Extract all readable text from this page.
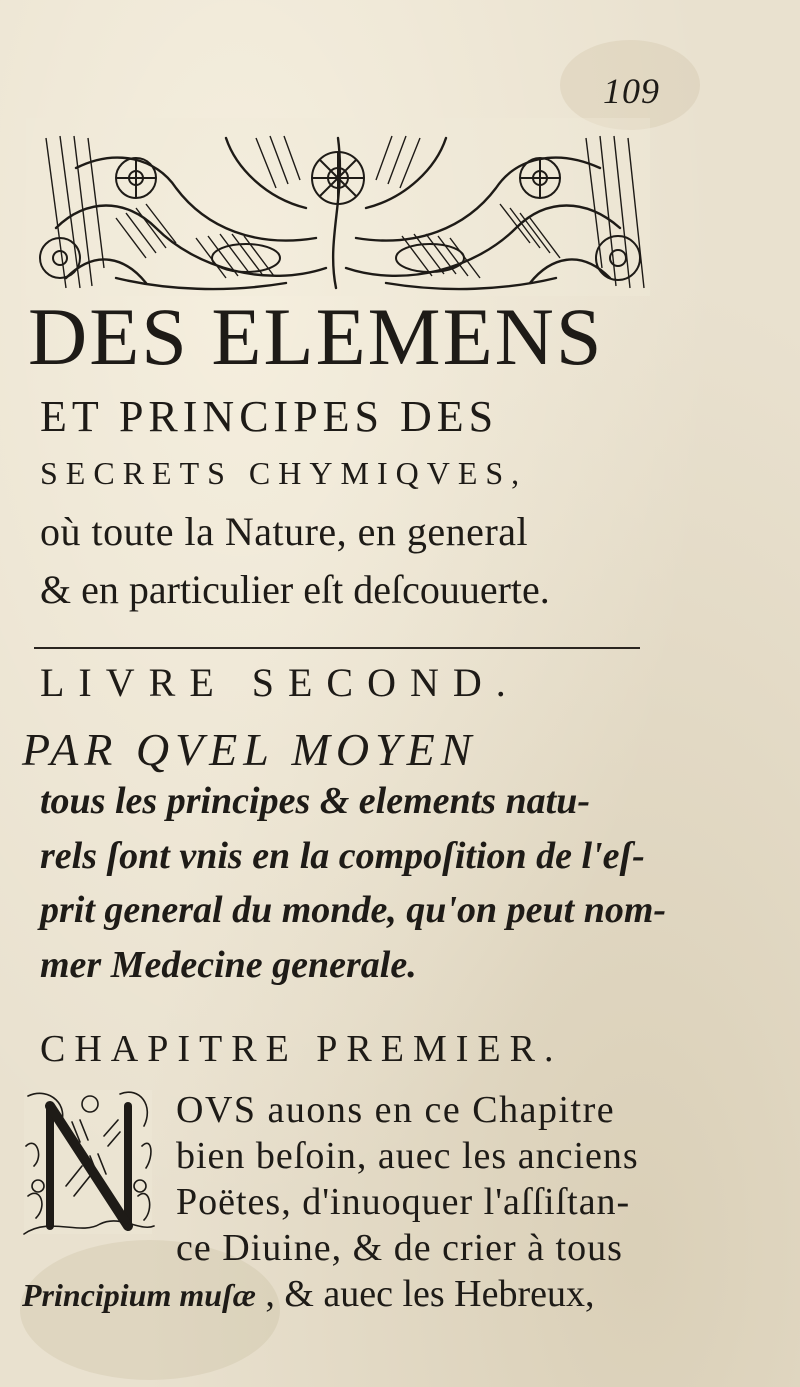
109
DES ELEMENS
ET PRINCIPES DES
SECRETS CHYMIQVES,
où toute la Nature, en general
& en particulier eſt deſcouuerte.
LIVRE SECOND.
PAR QVEL MOYEN
tous les principes & elements natu-
rels ſont vnis en la compoſition de l'eſ-
prit general du monde, qu'on peut nom-
mer Medecine generale.
CHAPITRE PREMIER.
OVS auons en ce Chapitre
bien beſoin, auec les anciens
Poëtes, d'inuoquer l'aſſiſtan-
ce Diuine, & de crier à tous
Principium muſæ , & auec les Hebreux,
